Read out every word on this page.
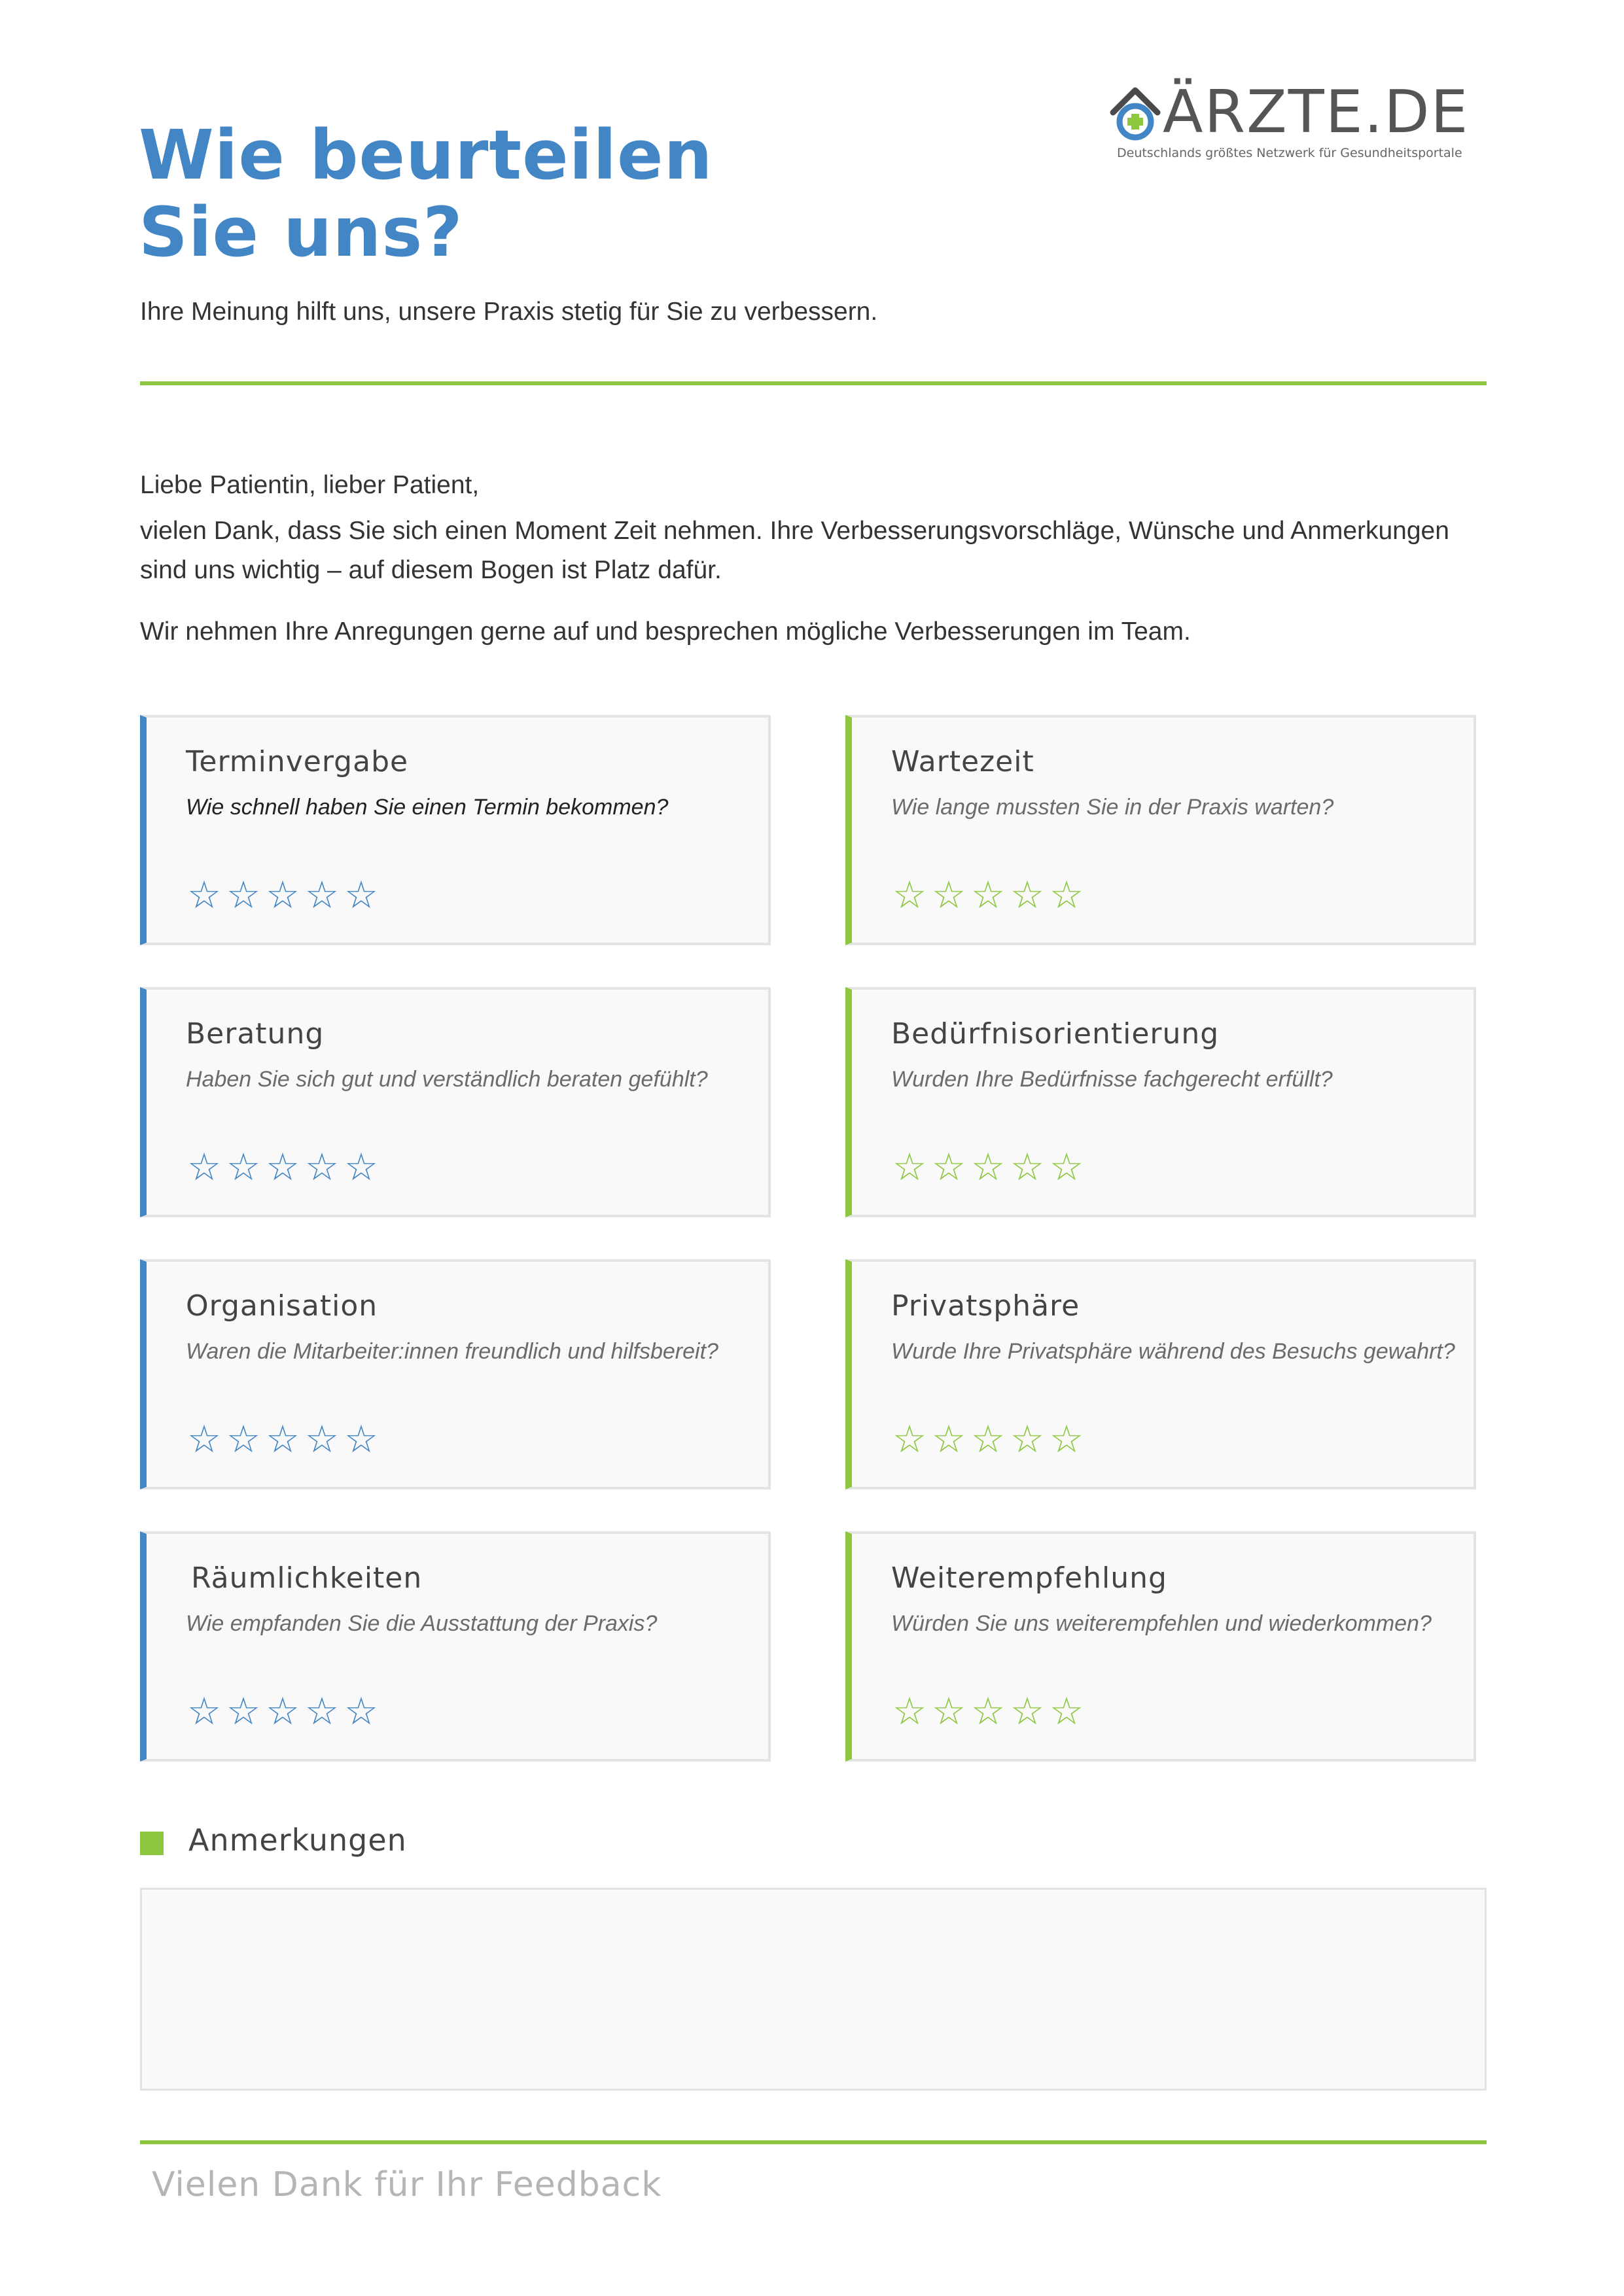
Wie beurteilen
Sie uns?
Ihre Meinung hilft uns, unsere Praxis stetig für Sie zu verbessern.
ÄRZTE.DE
Deutschlands größtes Netzwerk für Gesundheitsportale
Liebe Patientin, lieber Patient,
vielen Dank, dass Sie sich einen Moment Zeit nehmen. Ihre Verbesserungsvorschläge, Wünsche und Anmerkungen sind uns wichtig – auf diesem Bogen ist Platz dafür.
Wir nehmen Ihre Anregungen gerne auf und besprechen mögliche Verbesserungen im Team.
Terminvergabe
Wie schnell haben Sie einen Termin bekommen?
☆ ☆ ☆ ☆ ☆
Wartezeit
Wie lange mussten Sie in der Praxis warten?
☆ ☆ ☆ ☆ ☆
Beratung
Haben Sie sich gut und verständlich beraten gefühlt?
☆ ☆ ☆ ☆ ☆
Bedürfnisorientierung
Wurden Ihre Bedürfnisse fachgerecht erfüllt?
☆ ☆ ☆ ☆ ☆
Organisation
Waren die Mitarbeiter:innen freundlich und hilfsbereit?
☆ ☆ ☆ ☆ ☆
Privatsphäre
Wurde Ihre Privatsphäre während des Besuchs gewahrt?
☆ ☆ ☆ ☆ ☆
Räumlichkeiten
Wie empfanden Sie die Ausstattung der Praxis?
☆ ☆ ☆ ☆ ☆
Weiterempfehlung
Würden Sie uns weiterempfehlen und wiederkommen?
☆ ☆ ☆ ☆ ☆
Anmerkungen
Vielen Dank für Ihr Feedback
